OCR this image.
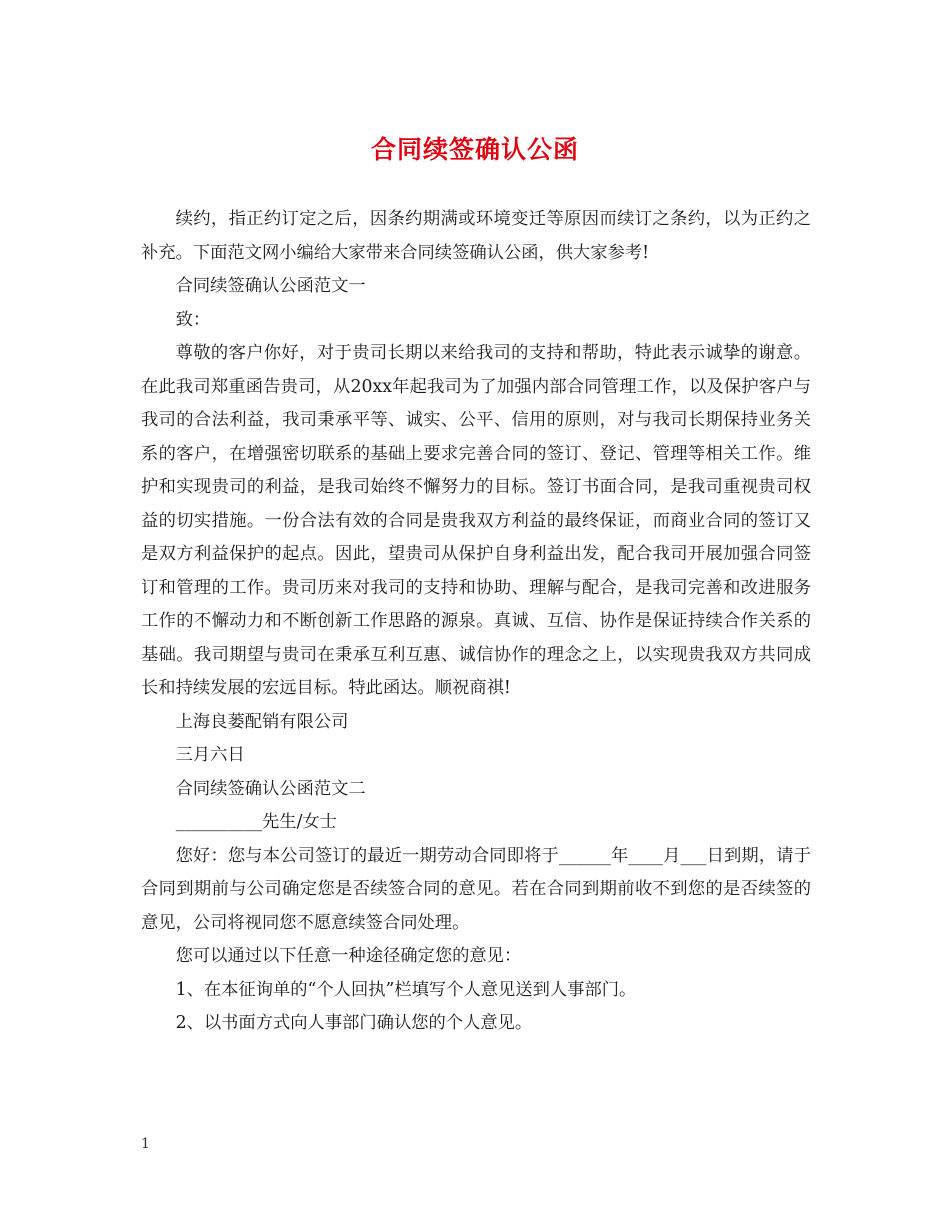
合同续签确认公函

续约，指正约订定之后，因条约期满或环境变迁等原因而续订之条约，以为正约之补充。下面范文网小编给大家带来合同续签确认公函，供大家参考!

合同续签确认公函范文一

致：

尊敬的客户你好，对于贵司长期以来给我司的支持和帮助，特此表示诚挚的谢意。在此我司郑重函告贵司，从20xx年起我司为了加强内部合同管理工作，以及保护客户与我司的合法利益，我司秉承平等、诚实、公平、信用的原则，对与我司长期保持业务关系的客户，在增强密切联系的基础上要求完善合同的签订、登记、管理等相关工作。维护和实现贵司的利益，是我司始终不懈努力的目标。签订书面合同，是我司重视贵司权益的切实措施。一份合法有效的合同是贵我双方利益的最终保证，而商业合同的签订又是双方利益保护的起点。因此，望贵司从保护自身利益出发，配合我司开展加强合同签订和管理的工作。贵司历来对我司的支持和协助、理解与配合，是我司完善和改进服务工作的不懈动力和不断创新工作思路的源泉。真诚、互信、协作是保证持续合作关系的基础。我司期望与贵司在秉承互利互惠、诚信协作的理念之上，以实现贵我双方共同成长和持续发展的宏远目标。特此函达。顺祝商祺!

上海良蒌配销有限公司

三月六日

合同续签确认公函范文二

__________先生/女士

您好：您与本公司签订的最近一期劳动合同即将于______年____月___日到期，请于合同到期前与公司确定您是否续签合同的意见。若在合同到期前收不到您的是否续签的意见，公司将视同您不愿意续签合同处理。

您可以通过以下任意一种途径确定您的意见：

1、在本征询单的“个人回执”栏填写个人意见送到人事部门。

2、以书面方式向人事部门确认您的个人意见。

1
